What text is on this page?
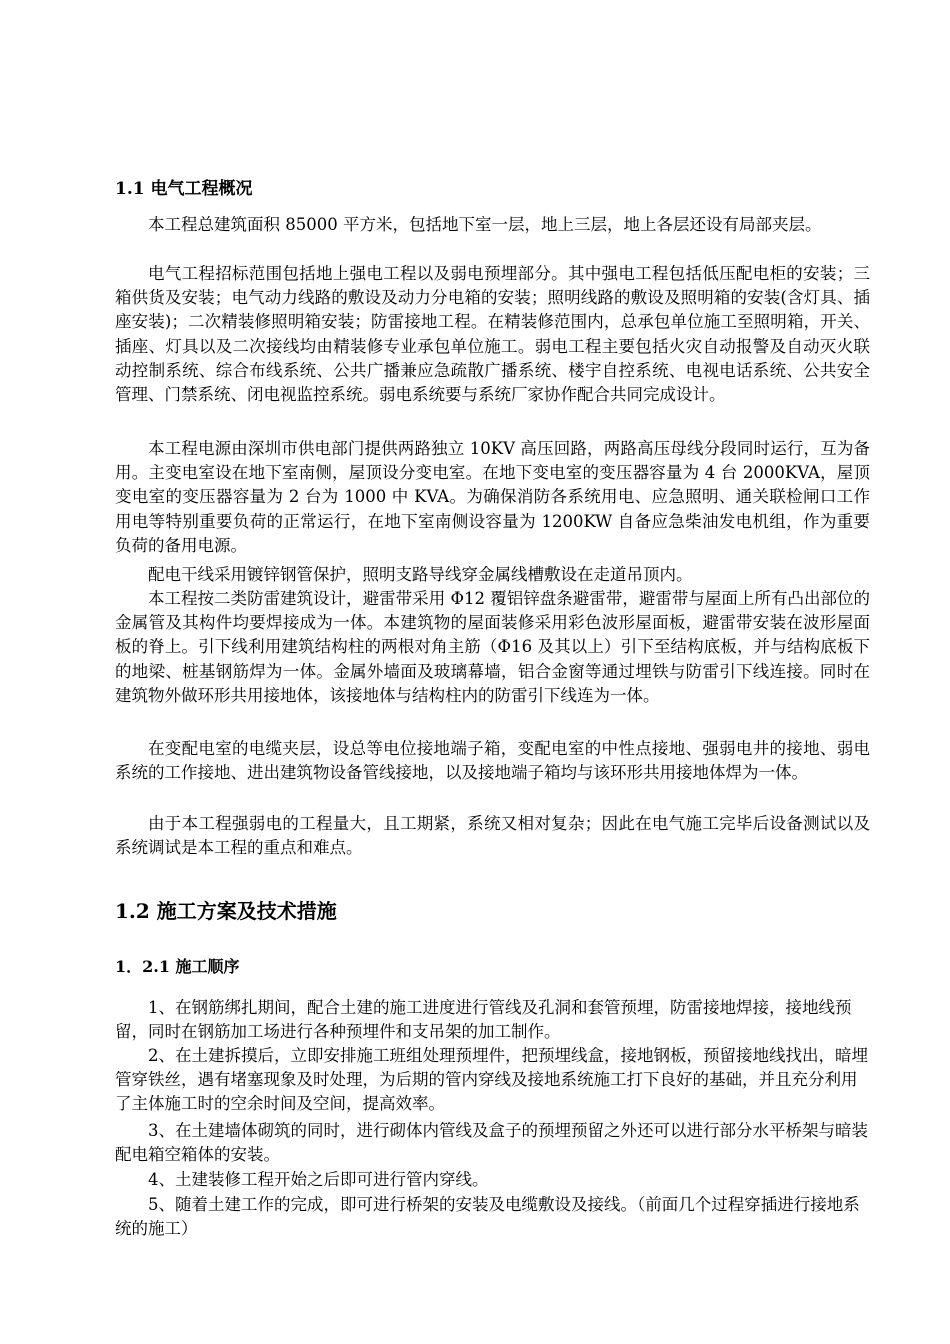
1.1 电气工程概况
本工程总建筑面积 85000 平方米，包括地下室一层，地上三层，地上各层还设有局部夹层。
电气工程招标范围包括地上强电工程以及弱电预埋部分。其中强电工程包括低压配电柜的安装；三箱供货及安装；电气动力线路的敷设及动力分电箱的安装；照明线路的敷设及照明箱的安装(含灯具、插座安装)；二次精装修照明箱安装；防雷接地工程。在精装修范围内，总承包单位施工至照明箱，开关、插座、灯具以及二次接线均由精装修专业承包单位施工。弱电工程主要包括火灾自动报警及自动灭火联动控制系统、综合布线系统、公共广播兼应急疏散广播系统、楼宇自控系统、电视电话系统、公共安全管理、门禁系统、闭电视监控系统。弱电系统要与系统厂家协作配合共同完成设计。
本工程电源由深圳市供电部门提供两路独立 10KV 高压回路，两路高压母线分段同时运行，互为备用。主变电室设在地下室南侧，屋顶设分变电室。在地下变电室的变压器容量为 4 台 2000KVA，屋顶变电室的变压器容量为 2 台为 1000 中 KVA。为确保消防各系统用电、应急照明、通关联检闸口工作用电等特别重要负荷的正常运行，在地下室南侧设容量为 1200KW 自备应急柴油发电机组，作为重要负荷的备用电源。
配电干线采用镀锌钢管保护，照明支路导线穿金属线槽敷设在走道吊顶内。
本工程按二类防雷建筑设计，避雷带采用 Φ12 覆铝锌盘条避雷带，避雷带与屋面上所有凸出部位的金属管及其构件均要焊接成为一体。本建筑物的屋面装修采用彩色波形屋面板，避雷带安装在波形屋面板的脊上。引下线利用建筑结构柱的两根对角主筋（Φ16 及其以上）引下至结构底板，并与结构底板下的地梁、桩基钢筋焊为一体。金属外墙面及玻璃幕墙，铝合金窗等通过埋铁与防雷引下线连接。同时在建筑物外做环形共用接地体，该接地体与结构柱内的防雷引下线连为一体。
在变配电室的电缆夹层，设总等电位接地端子箱，变配电室的中性点接地、强弱电井的接地、弱电系统的工作接地、进出建筑物设备管线接地，以及接地端子箱均与该环形共用接地体焊为一体。
由于本工程强弱电的工程量大，且工期紧，系统又相对复杂；因此在电气施工完毕后设备测试以及系统调试是本工程的重点和难点。
1.2 施工方案及技术措施
1．2.1 施工顺序
1、在钢筋绑扎期间，配合土建的施工进度进行管线及孔洞和套管预埋，防雷接地焊接，接地线预留，同时在钢筋加工场进行各种预埋件和支吊架的加工制作。
2、在土建拆摸后，立即安排施工班组处理预埋件，把预埋线盒，接地钢板，预留接地线找出，暗埋管穿铁丝，遇有堵塞现象及时处理，为后期的管内穿线及接地系统施工打下良好的基础，并且充分利用了主体施工时的空余时间及空间，提高效率。
3、在土建墙体砌筑的同时，进行砌体内管线及盒子的预埋预留之外还可以进行部分水平桥架与暗装配电箱空箱体的安装。
4、土建装修工程开始之后即可进行管内穿线。
5、随着土建工作的完成，即可进行桥架的安装及电缆敷设及接线。（前面几个过程穿插进行接地系统的施工）
